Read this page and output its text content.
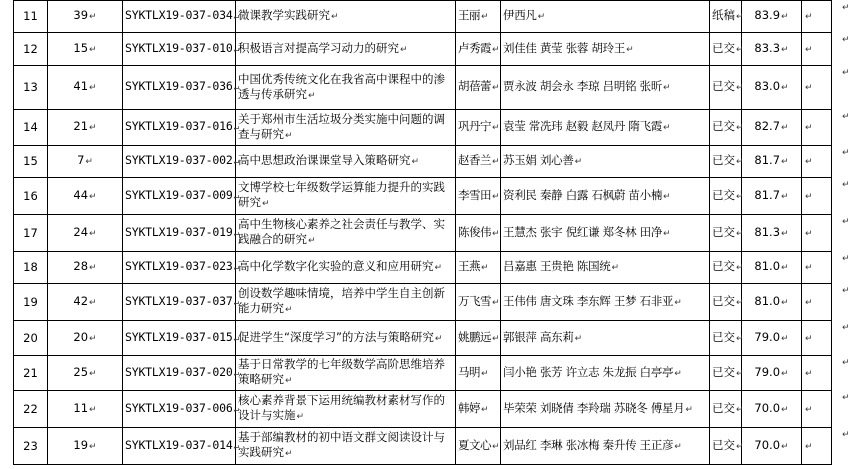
11	39↵	SYKTLX19-037-034↵	微课教学实践研究↵	王丽↵	伊西凡↵	纸稿↵	83.9↵	↵
12	15↵	SYKTLX19-037-010↵	积极语言对提高学习动力的研究↵	卢秀霞↵	刘佳佳 黄莹 张蓉 胡玲王↵	已交↵	83.3↵	↵
13	41↵	SYKTLX19-037-036↵	中国优秀传统文化在我省高中课程中的渗透与传承研究↵	胡蓓蕾↵	贾永波 胡会永 李琼 吕明铭 张昕↵	已交↵	83.0↵	↵
14	21↵	SYKTLX19-037-016↵	关于郑州市生活垃圾分类实施中问题的调查与研究↵	巩丹宁↵	袁莹 常冼玮 赵毅 赵凤丹 隋飞霞↵	已交↵	82.7↵	↵
15	7↵	SYKTLX19-037-002↵	高中思想政治课课堂导入策略研究↵	赵香兰↵	苏玉娟 刘心善↵	已交↵	81.7↵	↵
16	44↵	SYKTLX19-037-009↵	文博学校七年级数学运算能力提升的实践研究↵	李雪田↵	资利民 秦静 白露 石枫蔚 苗小楠↵	已交↵	81.7↵	↵
17	24↵	SYKTLX19-037-019↵	高中生物核心素养之社会责任与教学、实践融合的研究↵	陈俊伟↵	王慧杰 张宇 倪红谦 郑冬林 田净↵	已交↵	81.3↵	↵
18	28↵	SYKTLX19-037-023↵	高中化学数字化实验的意义和应用研究↵	王燕↵	吕嘉惠 王贵艳 陈国统↵	已交↵	81.0↵	↵
19	42↵	SYKTLX19-037-037↵	创设数学趣味情境，培养中学生自主创新能力研究↵	万飞雪↵	王伟伟 唐文珠 李东辉 王梦 石非亚↵	已交↵	81.0↵	↵
20	20↵	SYKTLX19-037-015↵	促进学生“深度学习”的方法与策略研究↵	姚鹏远↵	郭银萍 高东莉↵	已交↵	79.0↵	↵
21	25↵	SYKTLX19-037-020↵	基于日常教学的七年级数学高阶思维培养策略研究↵	马明↵	闫小艳 张芳 许立志 朱龙振 白亭亭↵	已交↵	79.0↵	↵
22	11↵	SYKTLX19-037-006↵	核心素养背景下运用统编教材素材写作的设计与实施↵	韩婷↵	毕荣荣 刘晓倩 李羚瑞 苏晓冬 傅星月↵	已交↵	70.0↵	↵
23	19↵	SYKTLX19-037-014↵	基于部编教材的初中语文群文阅读设计与实践研究↵	夏文心↵	刘品红 李琳 张冰梅 秦升传 王正彦↵	已交↵	70.0↵	↵
↵
↵
↵
↵
↵
↵
↵
↵
↵
↵
↵
↵
↵
